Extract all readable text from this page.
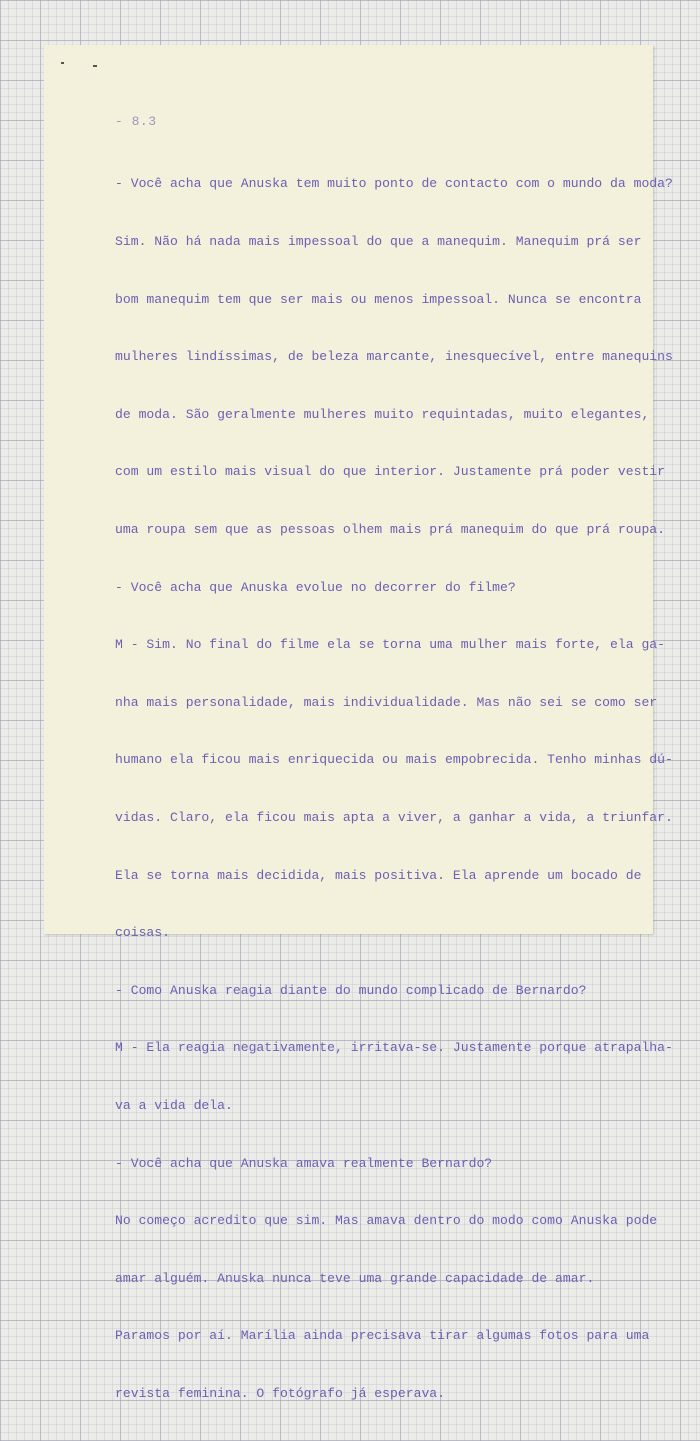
- 8.3

- Você acha que Anuska tem muito ponto de contacto com o mundo da moda?

Sim. Não há nada mais impessoal do que a manequim. Manequim prá ser

bom manequim tem que ser mais ou menos impessoal. Nunca se encontra

mulheres lindíssimas, de beleza marcante, inesquecível, entre manequins

de moda. São geralmente mulheres muito requintadas, muito elegantes,

com um estilo mais visual do que interior. Justamente prá poder vestir

uma roupa sem que as pessoas olhem mais prá manequim do que prá roupa.

- Você acha que Anuska evolue no decorrer do filme?

M - Sim. No final do filme ela se torna uma mulher mais forte, ela ga-

nha mais personalidade, mais individualidade. Mas não sei se como ser

humano ela ficou mais enriquecida ou mais empobrecida. Tenho minhas dú-

vidas. Claro, ela ficou mais apta a viver, a ganhar a vida, a triunfar.

Ela se torna mais decidida, mais positiva. Ela aprende um bocado de

coisas.

- Como Anuska reagia diante do mundo complicado de Bernardo?

M - Ela reagia negativamente, irritava-se. Justamente porque atrapalha-

va a vida dela.

- Você acha que Anuska amava realmente Bernardo?

No começo acredito que sim. Mas amava dentro do modo como Anuska pode

amar alguém. Anuska nunca teve uma grande capacidade de amar.

Paramos por aí. Marília ainda precisava tirar algumas fotos para uma

revista feminina. O fotógrafo já esperava.
